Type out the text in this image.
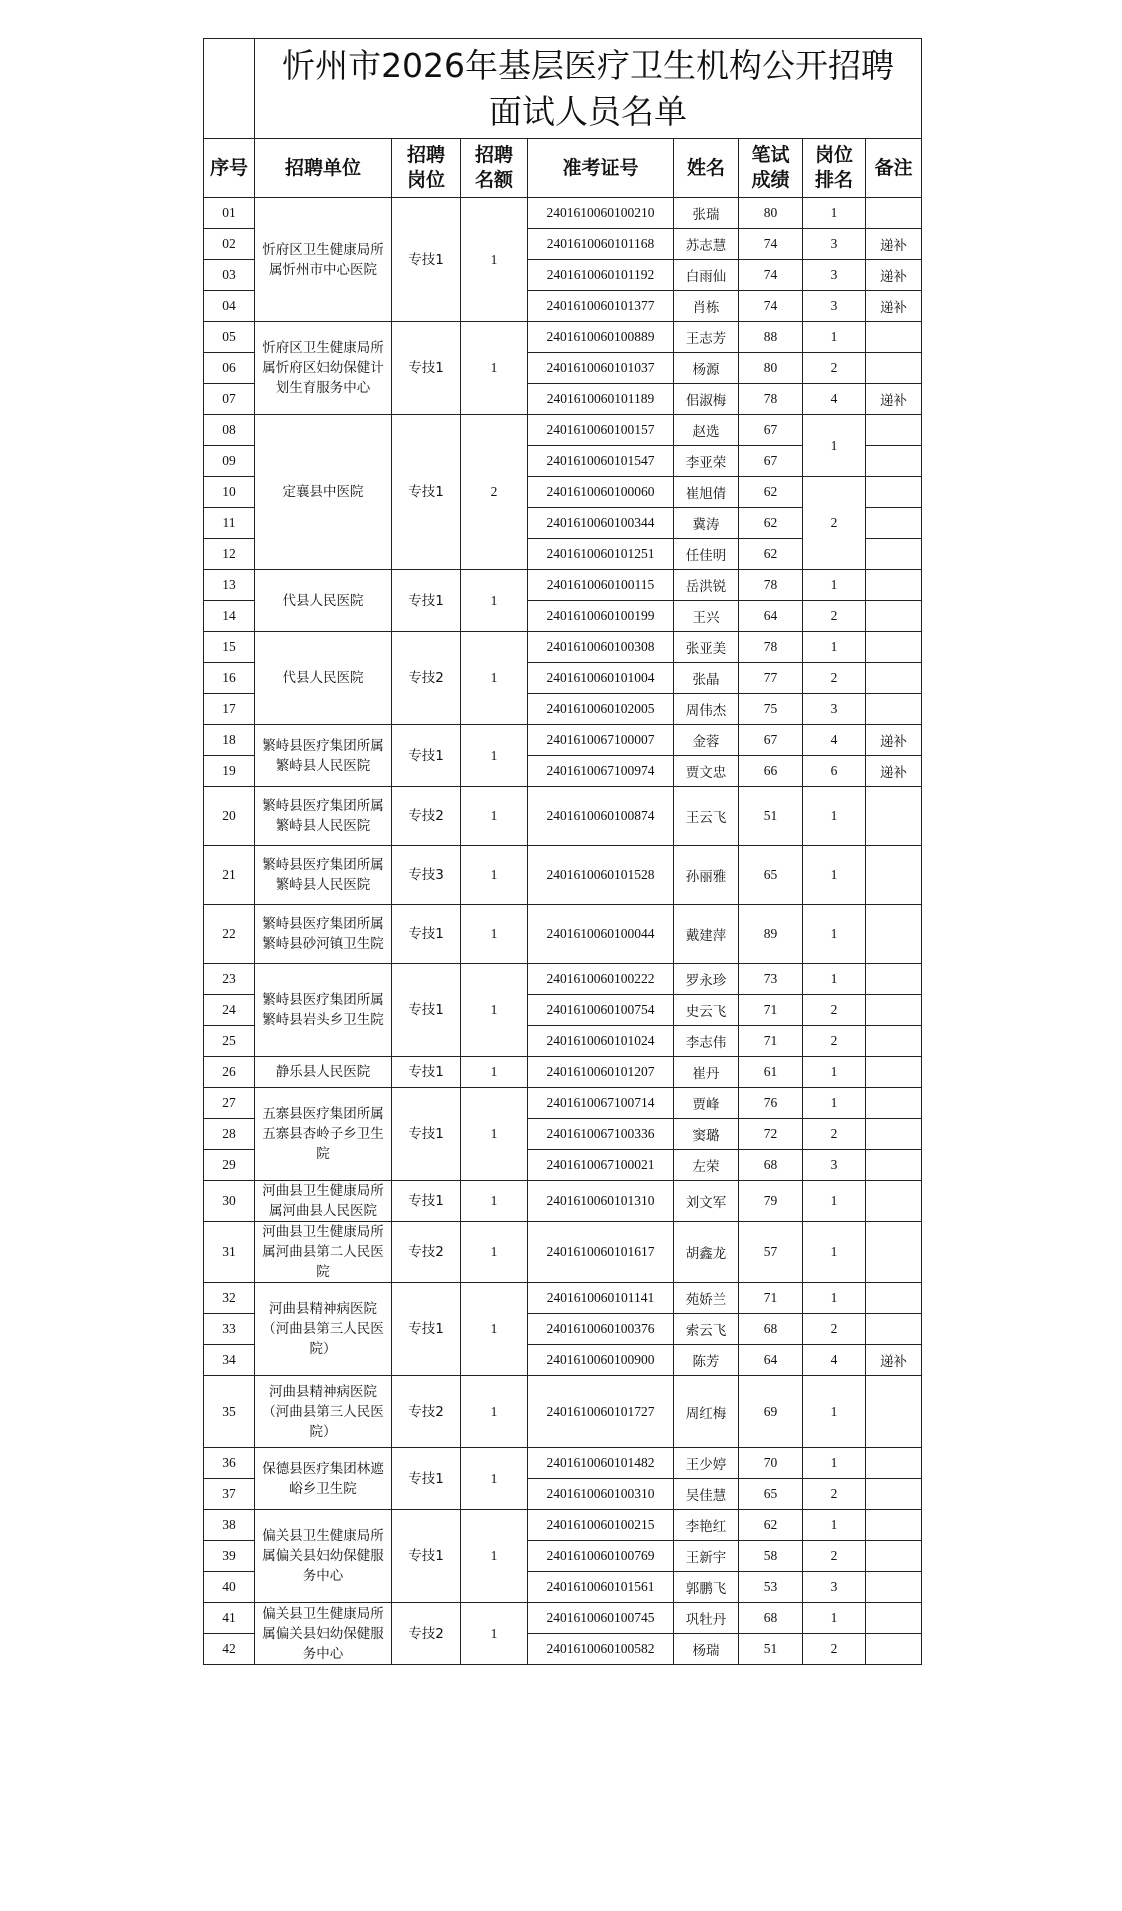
	忻州市2026年基层医疗卫生机构公开招聘
面试人员名单							

序号	招聘单位	招聘岗位	招聘名额	准考证号	姓名	笔试成绩	岗位排名	备注
01	忻府区卫生健康局所属忻州市中心医院	专技1	1	2401610060100210	张瑞	80	1	
02				2401610060101168	苏志慧	74	3	递补
03				2401610060101192	白雨仙	74	3	递补
04				2401610060101377	肖栋	74	3	递补
05	忻府区卫生健康局所属忻府区妇幼保健计划生育服务中心	专技1	1	2401610060100889	王志芳	88	1	
06				2401610060101037	杨源	80	2	
07				2401610060101189	佀淑梅	78	4	递补
08	定襄县中医院	专技1	2	2401610060100157	赵选	67	1	
09				2401610060101547	李亚荣	67		
10				2401610060100060	崔旭倩	62	2	
11				2401610060100344	冀涛	62		
12				2401610060101251	任佳明	62		
13	代县人民医院	专技1	1	2401610060100115	岳洪锐	78	1	
14				2401610060100199	王兴	64	2	
15	代县人民医院	专技2	1	2401610060100308	张亚美	78	1	
16				2401610060101004	张晶	77	2	
17				2401610060102005	周伟杰	75	3	
18	繁峙县医疗集团所属繁峙县人民医院	专技1	1	2401610067100007	金蓉	67	4	递补
19				2401610067100974	贾文忠	66	6	递补
20	繁峙县医疗集团所属繁峙县人民医院	专技2	1	2401610060100874	王云飞	51	1	
21	繁峙县医疗集团所属繁峙县人民医院	专技3	1	2401610060101528	孙丽雅	65	1	
22	繁峙县医疗集团所属繁峙县砂河镇卫生院	专技1	1	2401610060100044	戴建萍	89	1	
23	繁峙县医疗集团所属繁峙县岩头乡卫生院	专技1	1	2401610060100222	罗永珍	73	1	
24				2401610060100754	史云飞	71	2	
25				2401610060101024	李志伟	71	2	
26	静乐县人民医院	专技1	1	2401610060101207	崔丹	61	1	
27	五寨县医疗集团所属五寨县杏岭子乡卫生院	专技1	1	2401610067100714	贾峰	76	1	
28				2401610067100336	窦璐	72	2	
29				2401610067100021	左荣	68	3	
30	河曲县卫生健康局所属河曲县人民医院	专技1	1	2401610060101310	刘文军	79	1	
31	河曲县卫生健康局所属河曲县第二人民医院	专技2	1	2401610060101617	胡鑫龙	57	1	
32	河曲县精神病医院（河曲县第三人民医院）	专技1	1	2401610060101141	苑娇兰	71	1	
33				2401610060100376	索云飞	68	2	
34				2401610060100900	陈芳	64	4	递补
35	河曲县精神病医院（河曲县第三人民医院）	专技2	1	2401610060101727	周红梅	69	1	
36	保德县医疗集团林遮峪乡卫生院	专技1	1	2401610060101482	王少婷	70	1	
37				2401610060100310	吴佳慧	65	2	
38	偏关县卫生健康局所属偏关县妇幼保健服务中心	专技1	1	2401610060100215	李艳红	62	1	
39				2401610060100769	王新宇	58	2	
40				2401610060101561	郭鹏飞	53	3	
41	偏关县卫生健康局所属偏关县妇幼保健服务中心	专技2	1	2401610060100745	巩牡丹	68	1	
42				2401610060100582	杨瑞	51	2	
